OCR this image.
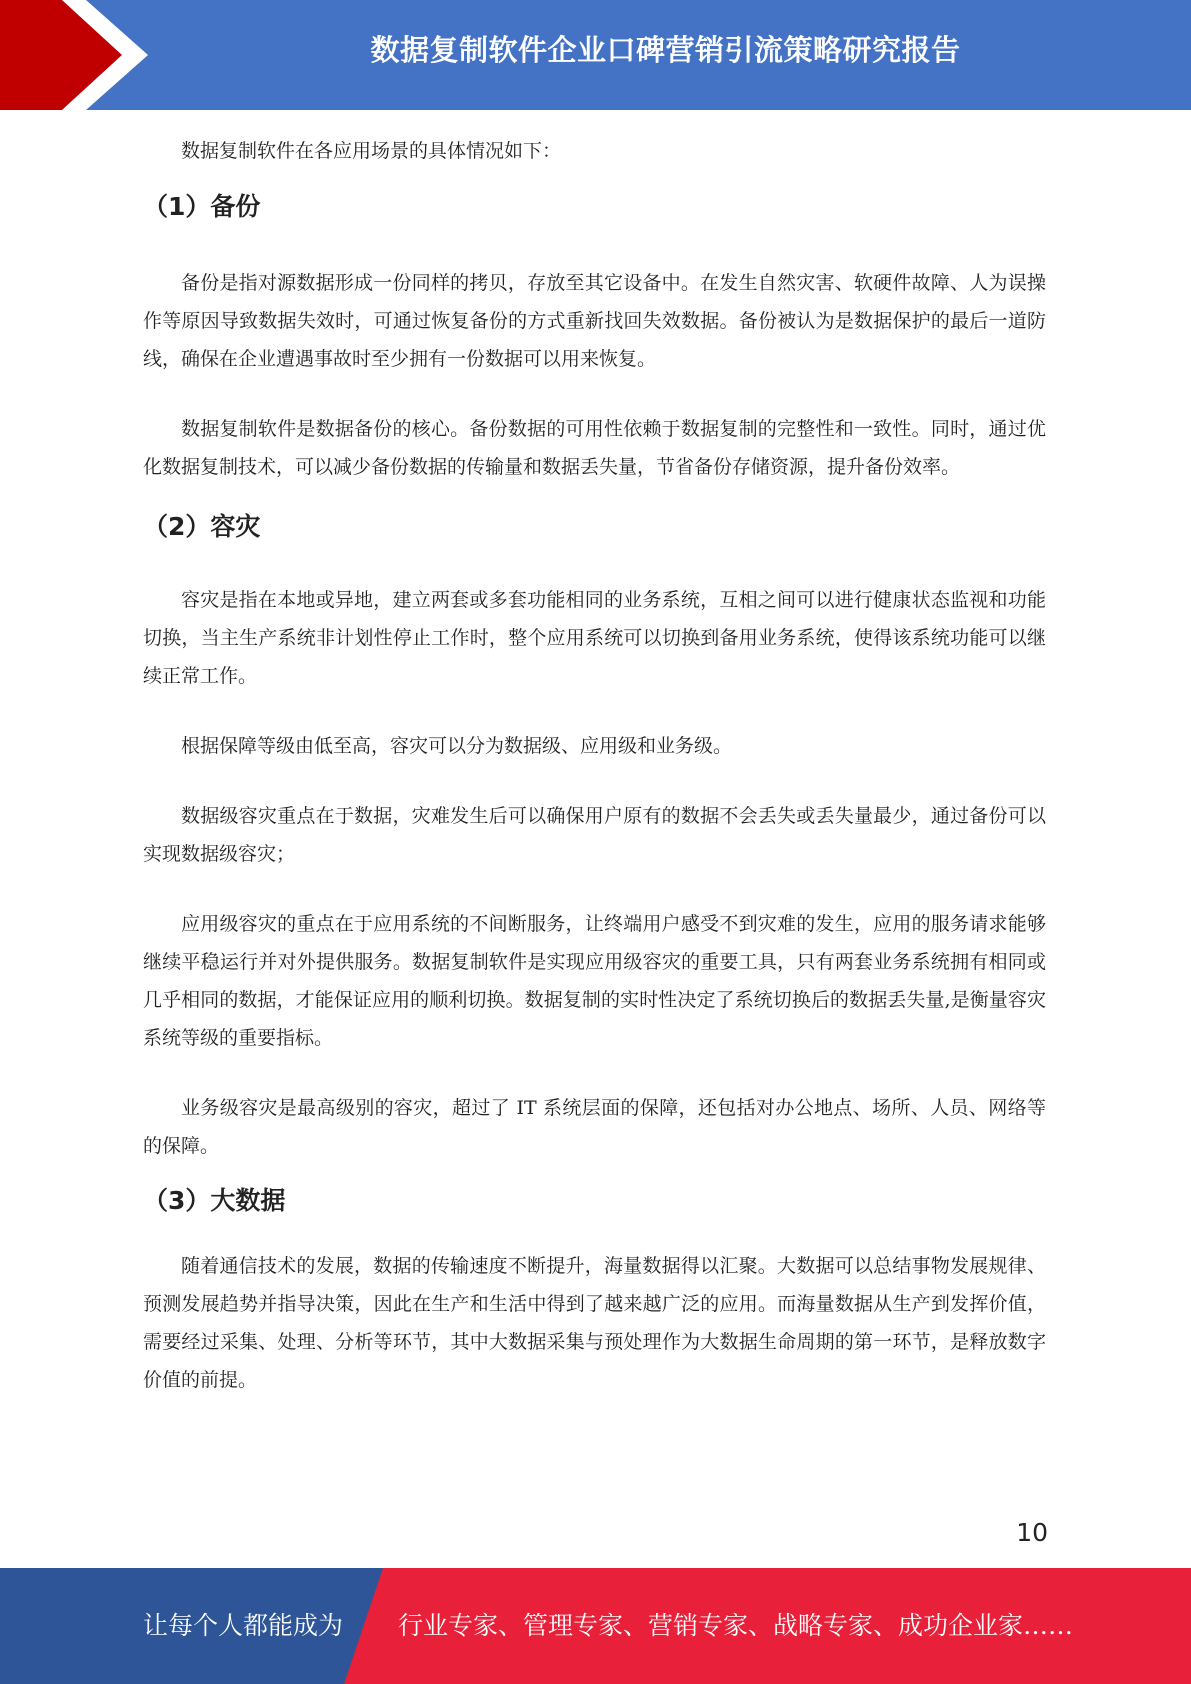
数据复制软件企业口碑营销引流策略研究报告

数据复制软件在各应用场景的具体情况如下：

（1）备份

备份是指对源数据形成一份同样的拷贝，存放至其它设备中。在发生自然灾害、软硬件故障、人为误操作等原因导致数据失效时，可通过恢复备份的方式重新找回失效数据。备份被认为是数据保护的最后一道防线，确保在企业遭遇事故时至少拥有一份数据可以用来恢复。

数据复制软件是数据备份的核心。备份数据的可用性依赖于数据复制的完整性和一致性。同时，通过优化数据复制技术，可以减少备份数据的传输量和数据丢失量，节省备份存储资源，提升备份效率。

（2）容灾

容灾是指在本地或异地，建立两套或多套功能相同的业务系统，互相之间可以进行健康状态监视和功能切换，当主生产系统非计划性停止工作时，整个应用系统可以切换到备用业务系统，使得该系统功能可以继续正常工作。

根据保障等级由低至高，容灾可以分为数据级、应用级和业务级。

数据级容灾重点在于数据，灾难发生后可以确保用户原有的数据不会丢失或丢失量最少，通过备份可以实现数据级容灾；

应用级容灾的重点在于应用系统的不间断服务，让终端用户感受不到灾难的发生，应用的服务请求能够继续平稳运行并对外提供服务。数据复制软件是实现应用级容灾的重要工具，只有两套业务系统拥有相同或几乎相同的数据，才能保证应用的顺利切换。数据复制的实时性决定了系统切换后的数据丢失量,是衡量容灾系统等级的重要指标。

业务级容灾是最高级别的容灾，超过了 IT 系统层面的保障，还包括对办公地点、场所、人员、网络等的保障。

（3）大数据

随着通信技术的发展，数据的传输速度不断提升，海量数据得以汇聚。大数据可以总结事物发展规律、预测发展趋势并指导决策，因此在生产和生活中得到了越来越广泛的应用。而海量数据从生产到发挥价值，需要经过采集、处理、分析等环节，其中大数据采集与预处理作为大数据生命周期的第一环节，是释放数字价值的前提。

10
让每个人都能成为 行业专家、管理专家、营销专家、战略专家、成功企业家……
